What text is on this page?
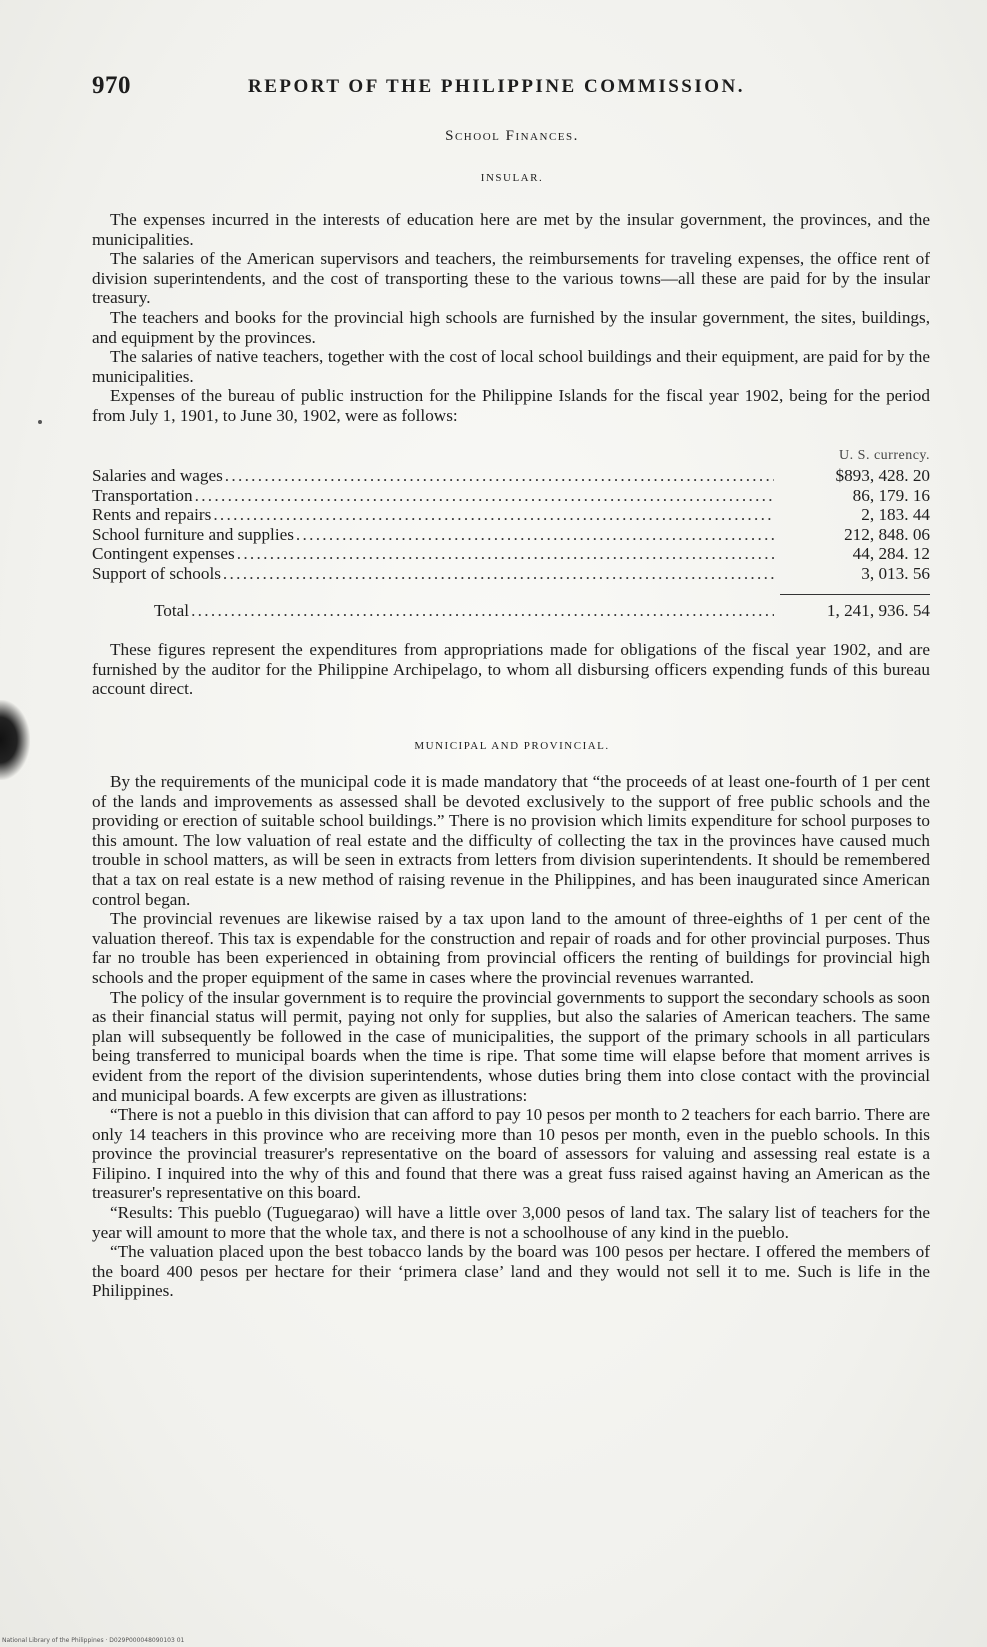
970	REPORT OF THE PHILIPPINE COMMISSION.
School Finances.
INSULAR.

The expenses incurred in the interests of education here are met by the insular government, the provinces, and the municipalities.

The salaries of the American supervisors and teachers, the reimbursements for traveling expenses, the office rent of division superintendents, and the cost of transporting these to the various towns—all these are paid for by the insular treasury.

The teachers and books for the provincial high schools are furnished by the insular government, the sites, buildings, and equipment by the provinces.

The salaries of native teachers, together with the cost of local school buildings and their equipment, are paid for by the municipalities.

Expenses of the bureau of public instruction for the Philippine Islands for the fiscal year 1902, being for the period from July 1, 1901, to June 30, 1902, were as follows:

U. S. currency.
Salaries and wages . . .	$893, 428. 20
Transportation . . .	86, 179. 16
Rents and repairs . . .	2, 183. 44
School furniture and supplies . . .	212, 848. 06
Contingent expenses . . .	44, 284. 12
Support of schools . . .	3, 013. 56
Total . . .	1, 241, 936. 54

These figures represent the expenditures from appropriations made for obligations of the fiscal year 1902, and are furnished by the auditor for the Philippine Archipelago, to whom all disbursing officers expending funds of this bureau account direct.

MUNICIPAL AND PROVINCIAL.

By the requirements of the municipal code it is made mandatory that “the proceeds of at least one-fourth of 1 per cent of the lands and improvements as assessed shall be devoted exclusively to the support of free public schools and the providing or erection of suitable school buildings.” There is no provision which limits expenditure for school purposes to this amount. The low valuation of real estate and the difficulty of collecting the tax in the provinces have caused much trouble in school matters, as will be seen in extracts from letters from division superintendents. It should be remembered that a tax on real estate is a new method of raising revenue in the Philippines, and has been inaugurated since American control began.

The provincial revenues are likewise raised by a tax upon land to the amount of three-eighths of 1 per cent of the valuation thereof. This tax is expendable for the construction and repair of roads and for other provincial purposes. Thus far no trouble has been experienced in obtaining from provincial officers the renting of buildings for provincial high schools and the proper equipment of the same in cases where the provincial revenues warranted.

The policy of the insular government is to require the provincial governments to support the secondary schools as soon as their financial status will permit, paying not only for supplies, but also the salaries of American teachers. The same plan will subsequently be followed in the case of municipalities, the support of the primary schools in all particulars being transferred to municipal boards when the time is ripe. That some time will elapse before that moment arrives is evident from the report of the division superintendents, whose duties bring them into close contact with the provincial and municipal boards. A few excerpts are given as illustrations:

“There is not a pueblo in this division that can afford to pay 10 pesos per month to 2 teachers for each barrio. There are only 14 teachers in this province who are receiving more than 10 pesos per month, even in the pueblo schools. In this province the provincial treasurer's representative on the board of assessors for valuing and assessing real estate is a Filipino. I inquired into the why of this and found that there was a great fuss raised against having an American as the treasurer's representative on this board.

“Results: This pueblo (Tuguegarao) will have a little over 3,000 pesos of land tax. The salary list of teachers for the year will amount to more that the whole tax, and there is not a schoolhouse of any kind in the pueblo.

“The valuation placed upon the best tobacco lands by the board was 100 pesos per hectare. I offered the members of the board 400 pesos per hectare for their ‘primera clase’ land and they would not sell it to me. Such is life in the Philippines.

National Library of the Philippines · D029P000048090103 01
